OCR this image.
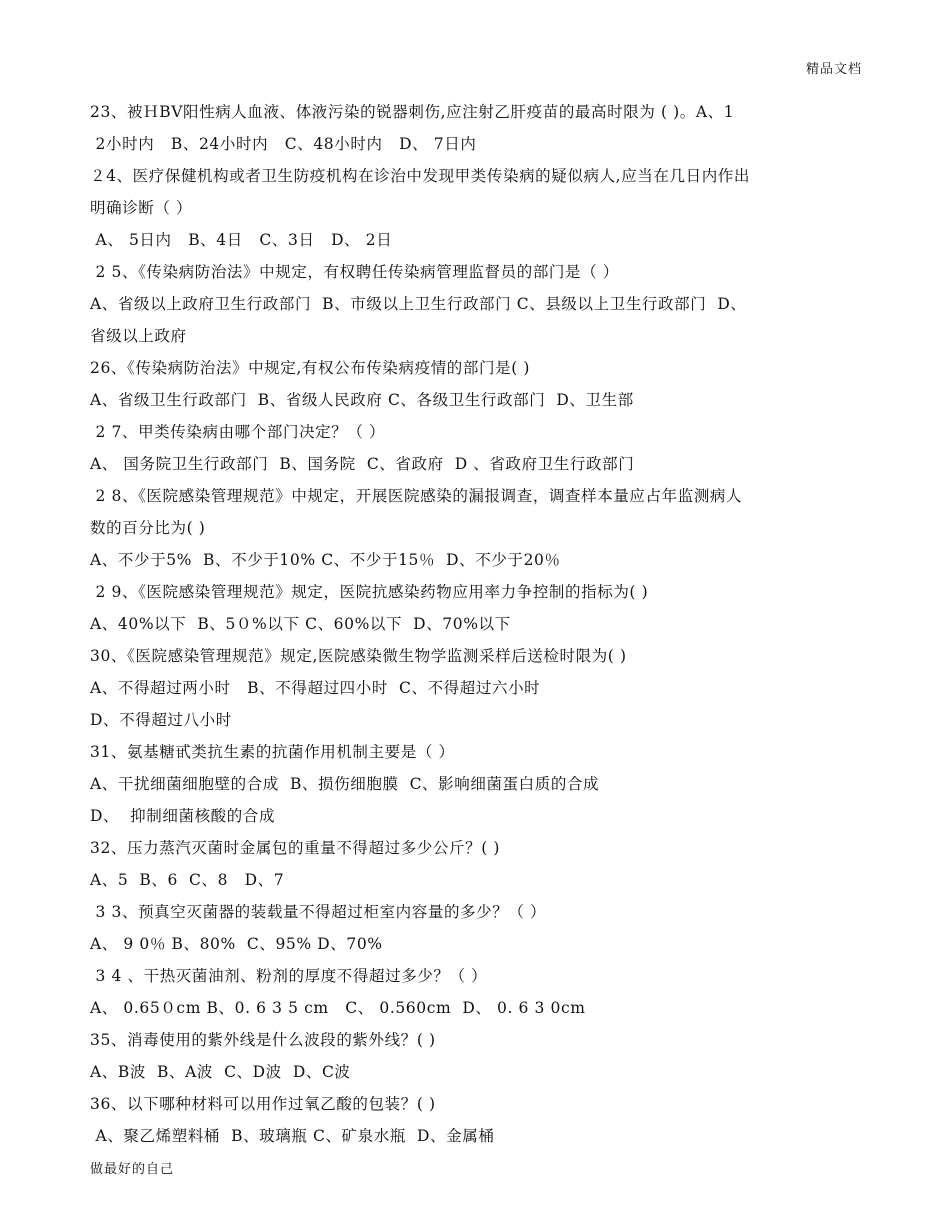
精品文档
23、被ＨBV阳性病人血液、体液污染的锐器刺伤,应注射乙肝疫苗的最高时限为 ( )。A、1
2小时内   B、24小时内   C、48小时内   D、 7日内
２4、医疗保健机构或者卫生防疫机构在诊治中发现甲类传染病的疑似病人,应当在几日内作出
明确诊断（ ）
A、 5日内   B、4日   C、3日   D、 2日
2 5、《传染病防治法》中规定，有权聘任传染病管理监督员的部门是（ ）
A、省级以上政府卫生行政部门  B、市级以上卫生行政部门 C、县级以上卫生行政部门  D、
省级以上政府
26、《传染病防治法》中规定,有权公布传染病疫情的部门是( )
A、省级卫生行政部门  B、省级人民政府 C、各级卫生行政部门  D、卫生部
2 7、甲类传染病由哪个部门决定？（ ）
A、 国务院卫生行政部门  B、国务院  C、省政府  D 、省政府卫生行政部门
2 8、《医院感染管理规范》中规定，开展医院感染的漏报调查，调查样本量应占年监测病人
数的百分比为( )
A、不少于5%  B、不少于10% C、不少于15％  D、不少于20％
2 9、《医院感染管理规范》规定，医院抗感染药物应用率力争控制的指标为( )
A、40%以下  B、5０%以下 C、60%以下  D、70%以下
30、《医院感染管理规范》规定,医院感染微生物学监测采样后送检时限为( )
A、不得超过两小时   B、不得超过四小时  C、不得超过六小时
D、不得超过八小时
31、氨基糖甙类抗生素的抗菌作用机制主要是（ ）
A、干扰细菌细胞壁的合成  B、损伤细胞膜  C、影响细菌蛋白质的合成
D、  抑制细菌核酸的合成
32、压力蒸汽灭菌时金属包的重量不得超过多少公斤？( )
A、5  B、6  C、8   D、7
3 3、预真空灭菌器的装载量不得超过柜室内容量的多少？（ ）
A、 9 0％ B、80%  C、95% D、70%
3 4 、干热灭菌油剂、粉剂的厚度不得超过多少？（ ）
A、 0.65０cm B、0. 6 3 5 cm   C、 0.560cm  D、 0. 6 3 0cm
35、消毒使用的紫外线是什么波段的紫外线？( )
A、B波  B、A波  C、D波  D、C波
36、以下哪种材料可以用作过氧乙酸的包装？( )
A、聚乙烯塑料桶  B、玻璃瓶 C、矿泉水瓶  D、金属桶
做最好的自己
